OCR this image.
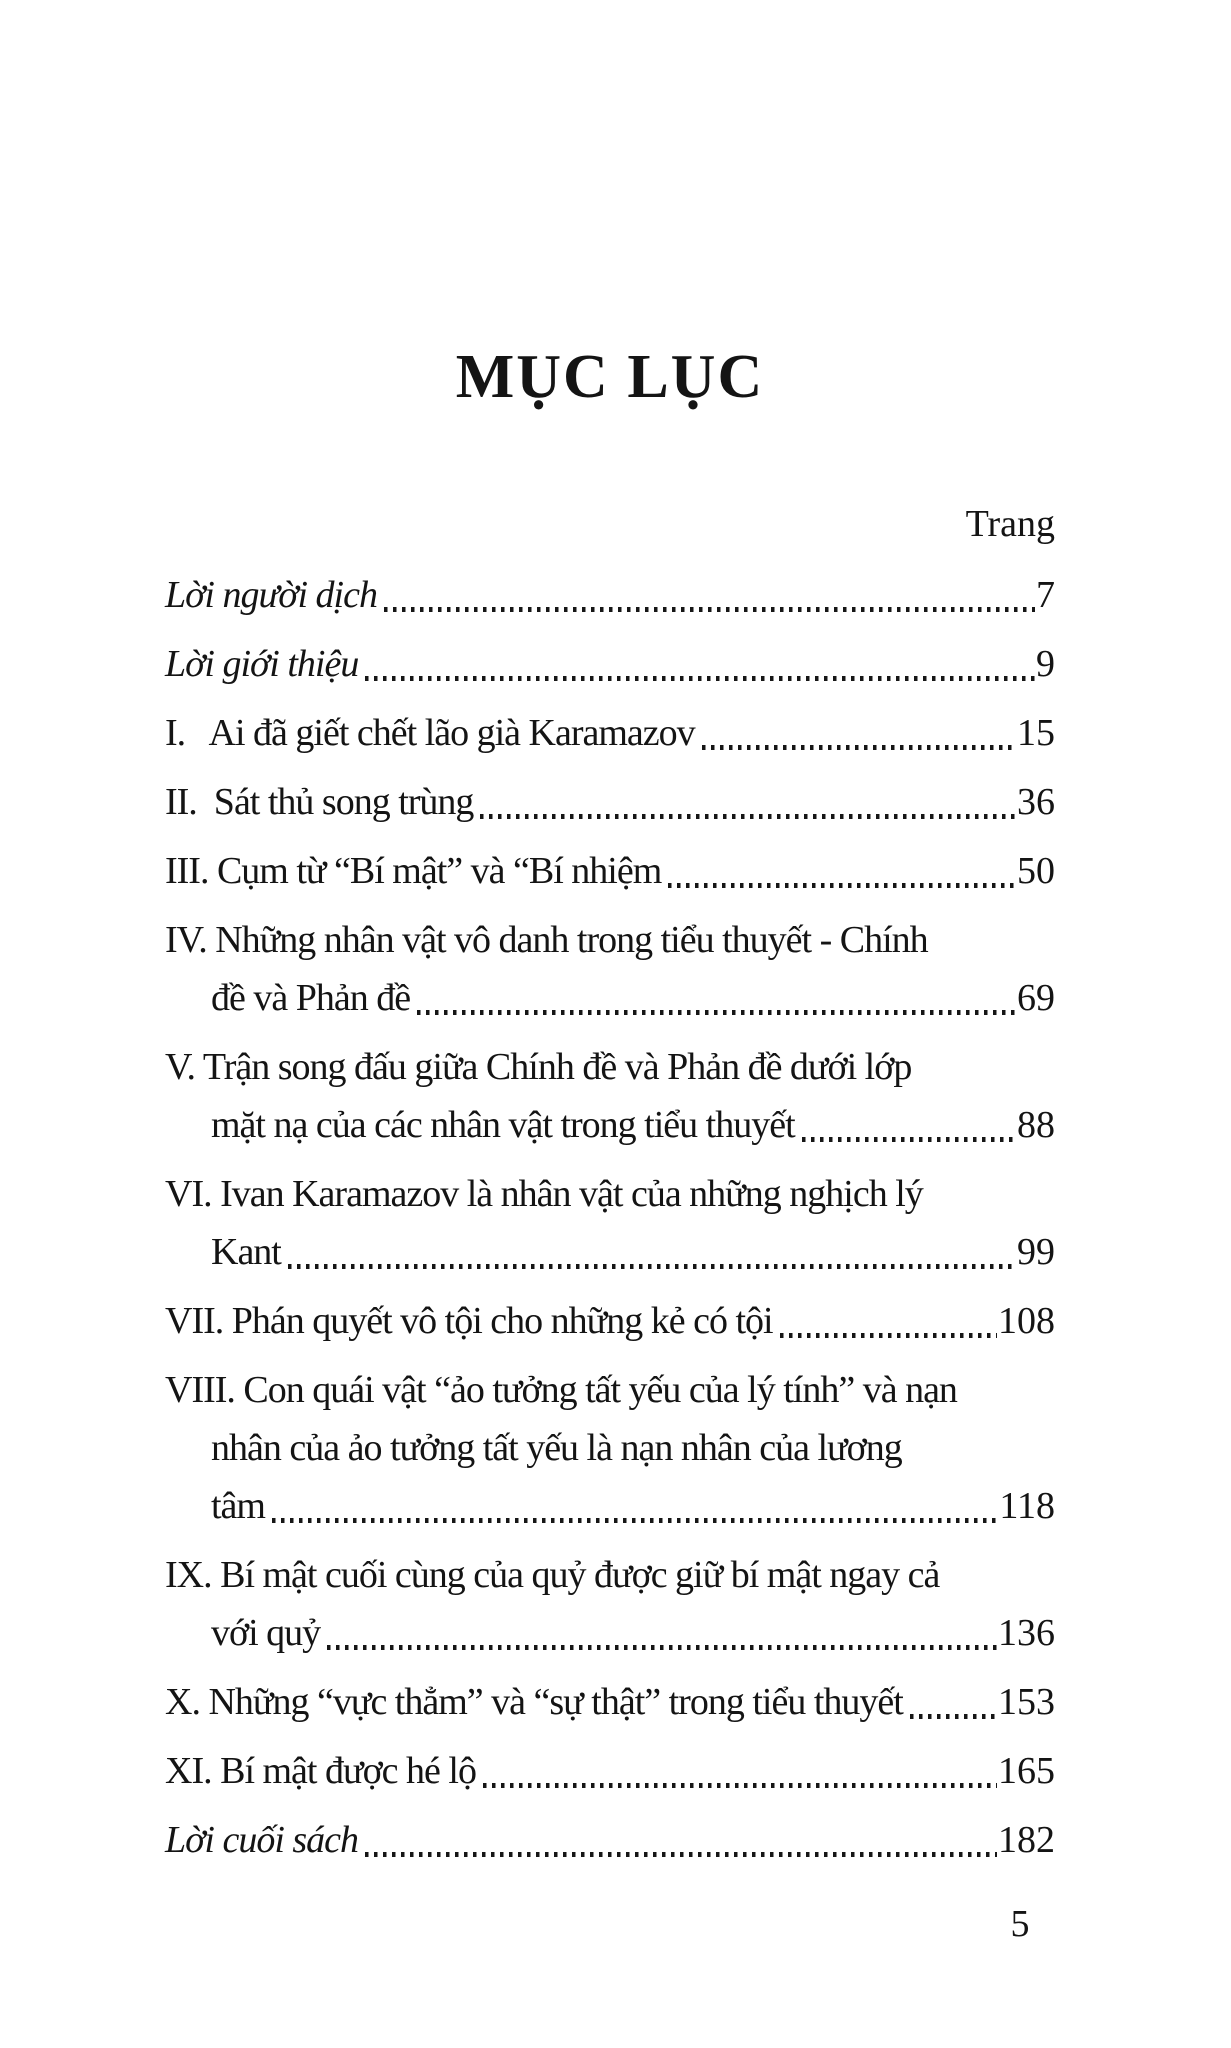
MỤC LỤC
Trang
Lời người dịch	7
Lời giới thiệu	9
I.   Ai đã giết chết lão già Karamazov	15
II.  Sát thủ song trùng	36
III. Cụm từ “Bí mật” và “Bí nhiệm	50
IV. Những nhân vật vô danh trong tiểu thuyết - Chính
đề và Phản đề	69
V. Trận song đấu giữa Chính đề và Phản đề dưới lớp
mặt nạ của các nhân vật trong tiểu thuyết	88
VI. Ivan Karamazov là nhân vật của những nghịch lý
Kant	99
VII. Phán quyết vô tội cho những kẻ có tội	108
VIII. Con quái vật “ảo tưởng tất yếu của lý tính” và nạn
nhân của ảo tưởng tất yếu là nạn nhân của lương
tâm	118
IX. Bí mật cuối cùng của quỷ được giữ bí mật ngay cả
với quỷ	136
X. Những “vực thẳm” và “sự thật” trong tiểu thuyết	153
XI. Bí mật được hé lộ	165
Lời cuối sách	182
5
